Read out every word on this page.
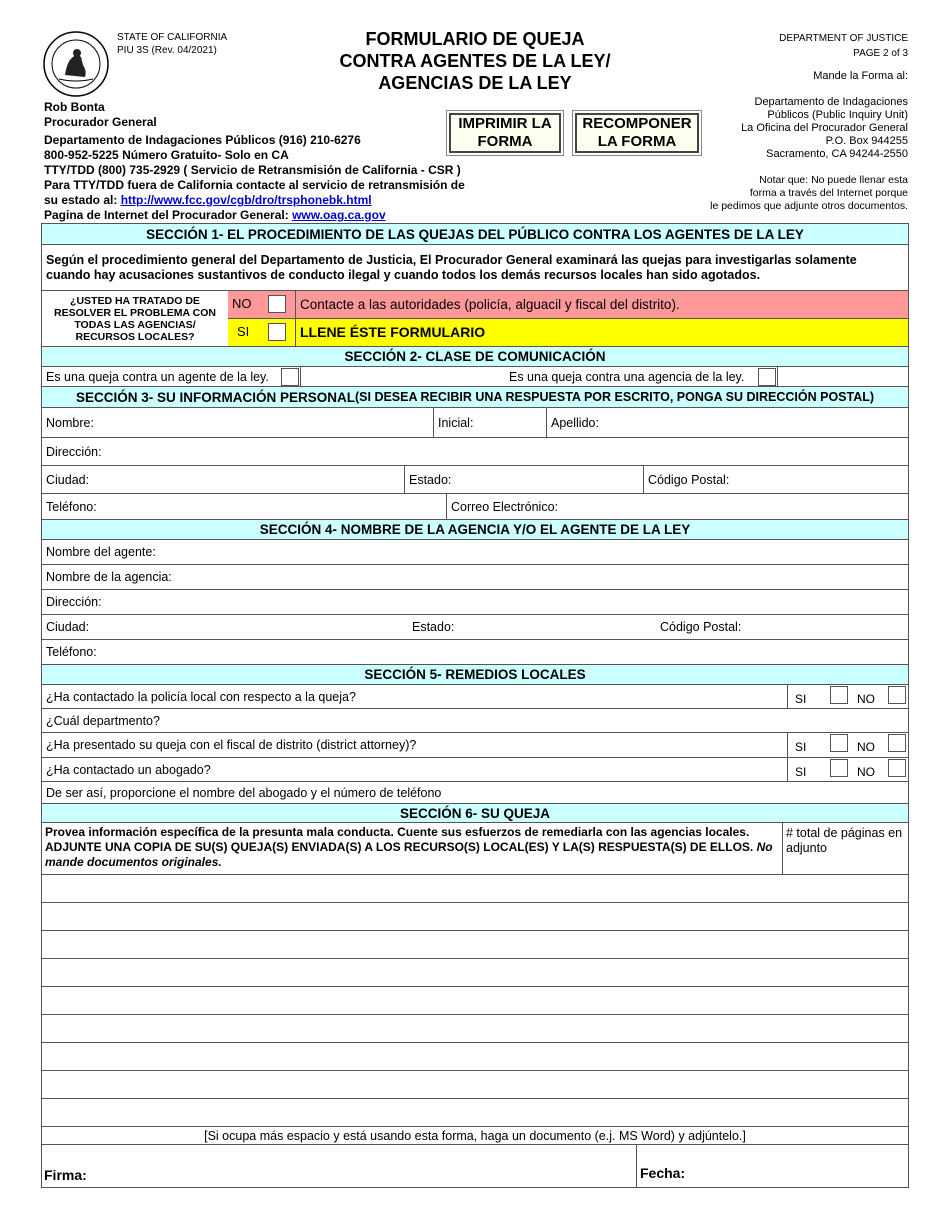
STATE OF CALIFORNIA
PIU 3S (Rev. 04/2021)
FORMULARIO DE QUEJA
CONTRA AGENTES DE LA LEY/
AGENCIAS DE LA LEY
DEPARTMENT OF JUSTICE
PAGE 2 of 3
Mande la Forma al:
Departamento de Indagaciones
Públicos (Public Inquiry Unit)
La Oficina del Procurador General
P.O. Box 944255
Sacramento, CA 94244-2550
Notar que: No puede llenar esta
forma a través del Internet porque
le pedimos que adjunte otros documentos.
Rob Bonta
Procurador General
Departamento de Indagaciones Públicos (916) 210-6276
800-952-5225 Número Gratuito- Solo en CA
TTY/TDD (800) 735-2929 ( Servicio de Retransmisión de California - CSR )
Para TTY/TDD fuera de California contacte al servicio de retransmisión de
su estado al: http://www.fcc.gov/cgb/dro/trsphonebk.html
Pagina de Internet del Procurador General: www.oag.ca.gov
IMPRIMIR LA FORMA
RECOMPONER LA FORMA
SECCIÓN 1- EL PROCEDIMIENTO DE LAS QUEJAS DEL PÚBLICO CONTRA LOS AGENTES DE LA LEY
Según el procedimiento general del Departamento de Justicia, El Procurador General examinará las quejas para investigarlas solamente cuando hay acusaciones sustantivos de conducto ilegal y cuando todos los demás recursos locales han sido agotados.
¿USTED HA TRATADO DE RESOLVER EL PROBLEMA CON TODAS LAS AGENCIAS/ RECURSOS LOCALES?
NO	Contacte a las autoridades (policía, alguacil y fiscal del distrito).
SI	LLENE ÉSTE FORMULARIO
SECCIÓN 2- CLASE DE COMUNICACIÓN
Es una queja contra un agente de la ley.	Es una queja contra una agencia de la ley.
SECCIÓN 3- SU INFORMACIÓN PERSONAL (SI DESEA RECIBIR UNA RESPUESTA POR ESCRITO, PONGA SU DIRECCIÓN POSTAL)
Nombre:	Inicial:	Apellido:
Dirección:
Ciudad:	Estado:	Código Postal:
Teléfono:	Correo Electrónico:
SECCIÓN 4- NOMBRE DE LA AGENCIA Y/O EL AGENTE DE LA LEY
Nombre del agente:
Nombre de la agencia:
Dirección:
Ciudad:	Estado:	Código Postal:
Teléfono:
SECCIÓN 5- REMEDIOS LOCALES
¿Ha contactado la policía local con respecto a la queja?	SI	NO
¿Cuál departmento?
¿Ha presentado su queja con el fiscal de distrito (district attorney)?	SI	NO
¿Ha contactado un abogado?	SI	NO
De ser así, proporcione el nombre del abogado y el número de teléfono
SECCIÓN 6- SU QUEJA
Provea información específica de la presunta mala conducta. Cuente sus esfuerzos de remediarla con las agencias locales. ADJUNTE UNA COPIA DE SU(S) QUEJA(S) ENVIADA(S) A LOS RECURSO(S) LOCAL(ES) Y LA(S) RESPUESTA(S) DE ELLOS. No mande documentos originales.
# total de páginas en adjunto
[Si ocupa más espacio y está usando esta forma, haga un documento (e.j. MS Word) y adjúntelo.]
Firma:	Fecha:
